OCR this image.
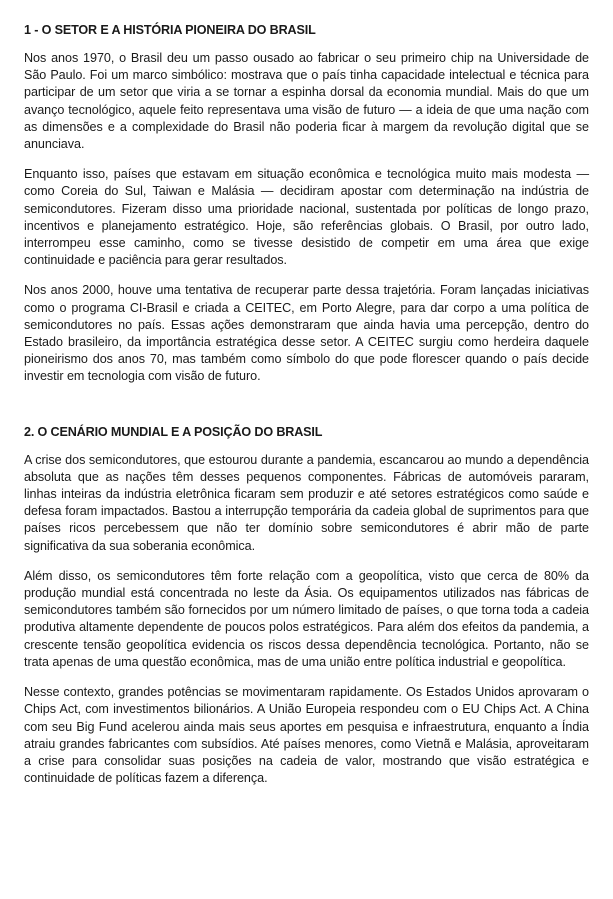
1 - O SETOR E A HISTÓRIA PIONEIRA DO BRASIL

Nos anos 1970, o Brasil deu um passo ousado ao fabricar o seu primeiro chip na Universidade de São Paulo. Foi um marco simbólico: mostrava que o país tinha capacidade intelectual e técnica para participar de um setor que viria a se tornar a espinha dorsal da economia mundial. Mais do que um avanço tecnológico, aquele feito representava uma visão de futuro — a ideia de que uma nação com as dimensões e a complexidade do Brasil não poderia ficar à margem da revolução digital que se anunciava.

Enquanto isso, países que estavam em situação econômica e tecnológica muito mais modesta — como Coreia do Sul, Taiwan e Malásia — decidiram apostar com determinação na indústria de semicondutores. Fizeram disso uma prioridade nacional, sustentada por políticas de longo prazo, incentivos e planejamento estratégico. Hoje, são referências globais. O Brasil, por outro lado, interrompeu esse caminho, como se tivesse desistido de competir em uma área que exige continuidade e paciência para gerar resultados.

Nos anos 2000, houve uma tentativa de recuperar parte dessa trajetória. Foram lançadas iniciativas como o programa CI-Brasil e criada a CEITEC, em Porto Alegre, para dar corpo a uma política de semicondutores no país. Essas ações demonstraram que ainda havia uma percepção, dentro do Estado brasileiro, da importância estratégica desse setor. A CEITEC surgiu como herdeira daquele pioneirismo dos anos 70, mas também como símbolo do que pode florescer quando o país decide investir em tecnologia com visão de futuro.

2. O CENÁRIO MUNDIAL E A POSIÇÃO DO BRASIL

A crise dos semicondutores, que estourou durante a pandemia, escancarou ao mundo a dependência absoluta que as nações têm desses pequenos componentes. Fábricas de automóveis pararam, linhas inteiras da indústria eletrônica ficaram sem produzir e até setores estratégicos como saúde e defesa foram impactados. Bastou a interrupção temporária da cadeia global de suprimentos para que países ricos percebessem que não ter domínio sobre semicondutores é abrir mão de parte significativa da sua soberania econômica.

Além disso, os semicondutores têm forte relação com a geopolítica, visto que cerca de 80% da produção mundial está concentrada no leste da Ásia. Os equipamentos utilizados nas fábricas de semicondutores também são fornecidos por um número limitado de países, o que torna toda a cadeia produtiva altamente dependente de poucos polos estratégicos. Para além dos efeitos da pandemia, a crescente tensão geopolítica evidencia os riscos dessa dependência tecnológica. Portanto, não se trata apenas de uma questão econômica, mas de uma união entre política industrial e geopolítica.

Nesse contexto, grandes potências se movimentaram rapidamente. Os Estados Unidos aprovaram o Chips Act, com investimentos bilionários. A União Europeia respondeu com o EU Chips Act. A China com seu Big Fund acelerou ainda mais seus aportes em pesquisa e infraestrutura, enquanto a Índia atraiu grandes fabricantes com subsídios. Até países menores, como Vietnã e Malásia, aproveitaram a crise para consolidar suas posições na cadeia de valor, mostrando que visão estratégica e continuidade de políticas fazem a diferença.
